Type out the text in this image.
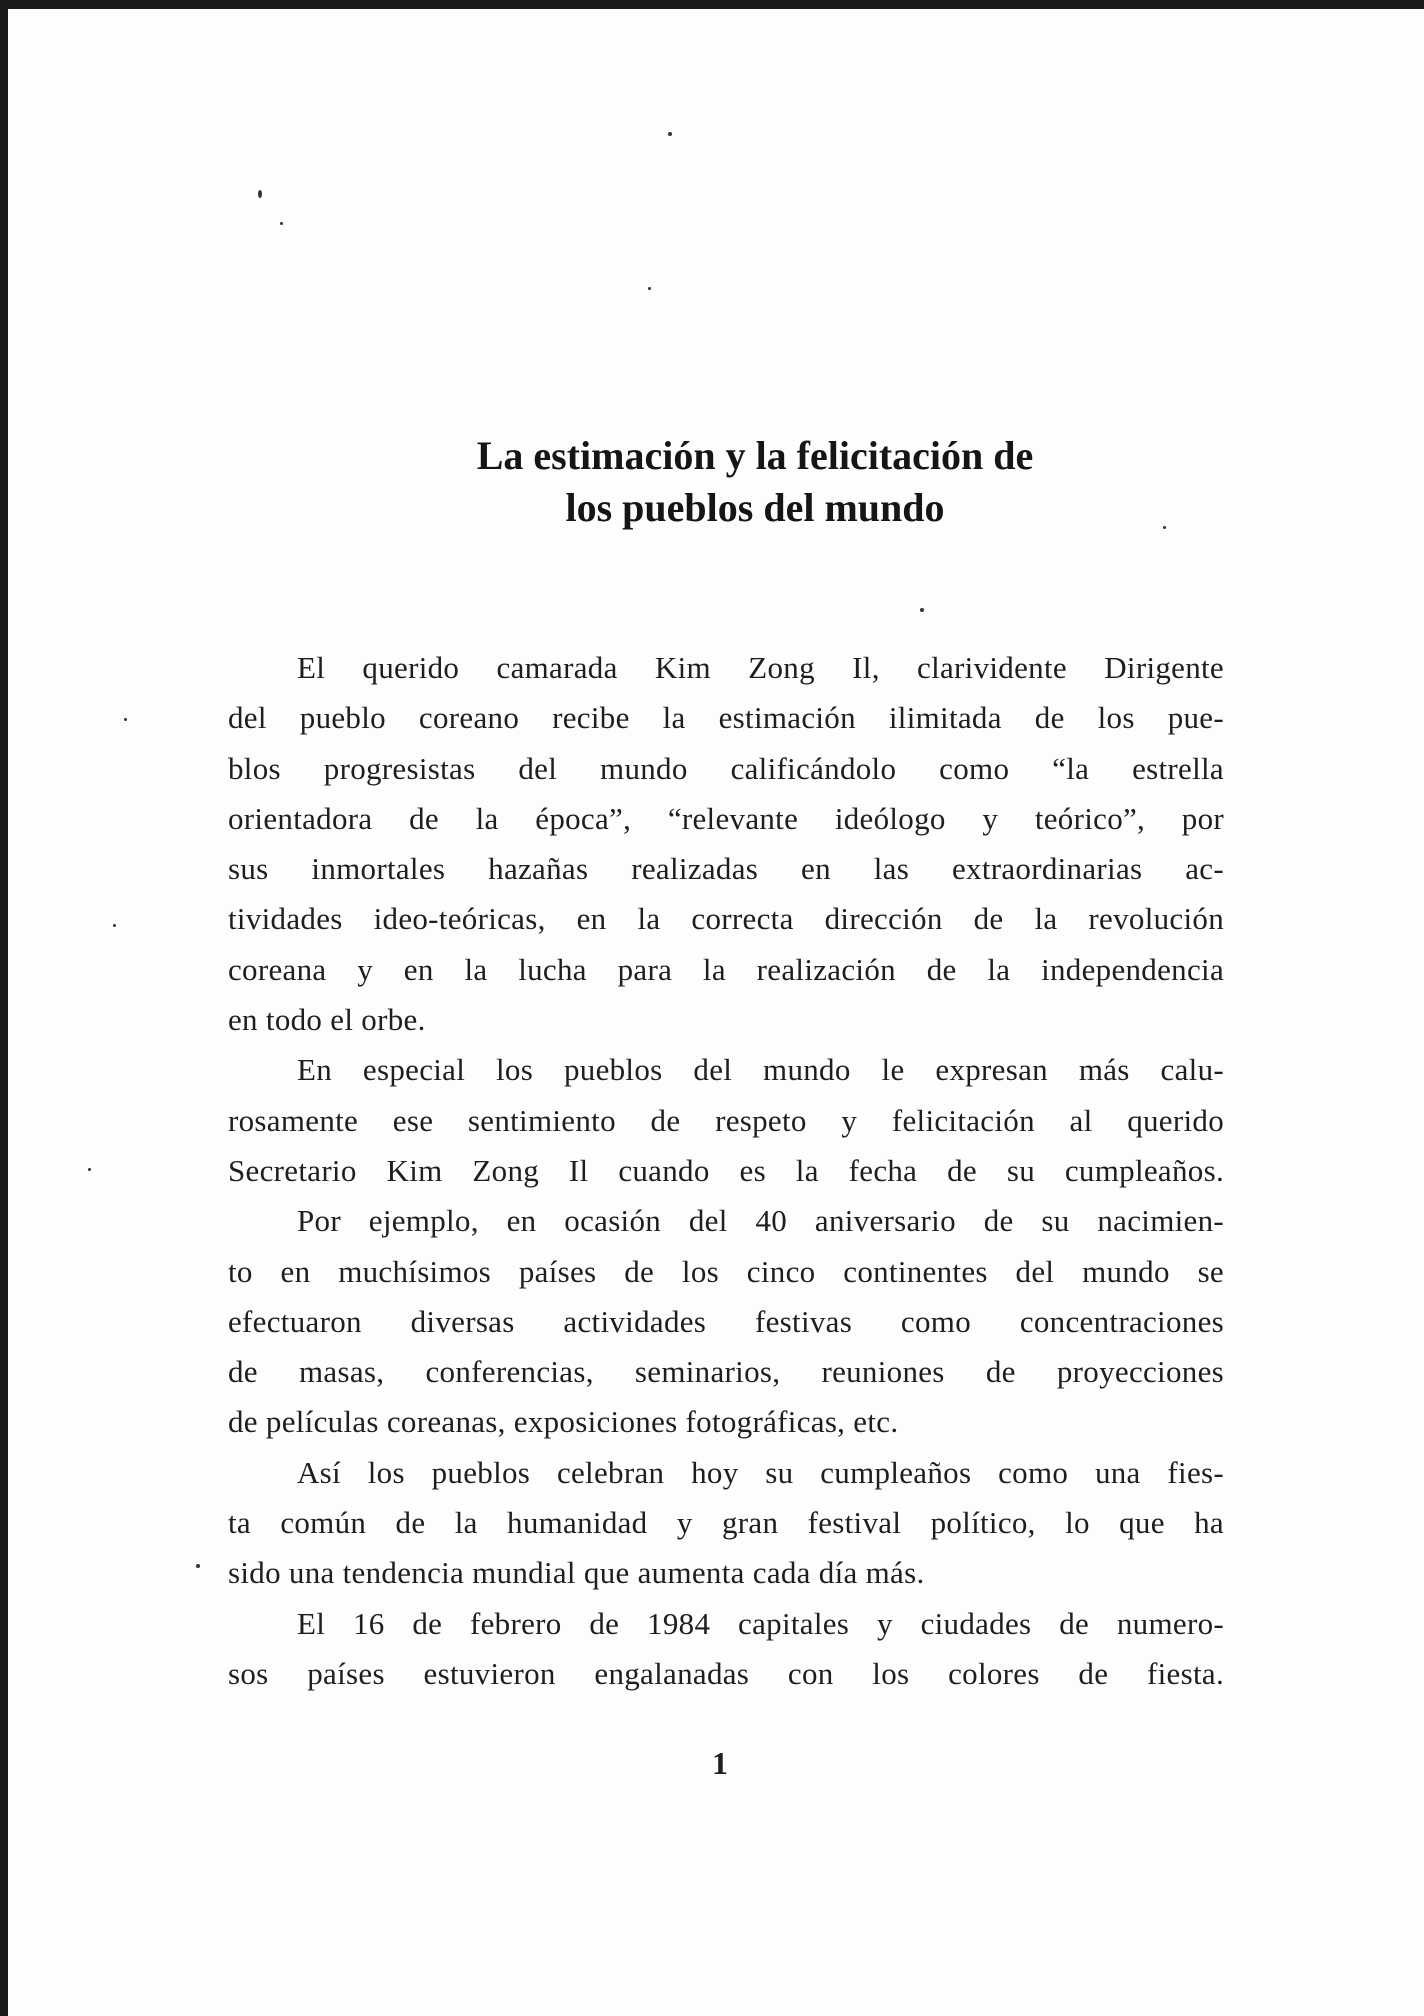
La estimación y la felicitación de
los pueblos del mundo
El querido camarada Kim Zong Il, clarividente Dirigente
del pueblo coreano recibe la estimación ilimitada de los pue-
blos progresistas del mundo calificándolo como “la estrella
orientadora de la época”, “relevante ideólogo y teórico”, por
sus inmortales hazañas realizadas en las extraordinarias ac-
tividades ideo-teóricas, en la correcta dirección de la revolución
coreana y en la lucha para la realización de la independencia
en todo el orbe.
En especial los pueblos del mundo le expresan más calu-
rosamente ese sentimiento de respeto y felicitación al querido
Secretario Kim Zong Il cuando es la fecha de su cumpleaños.
Por ejemplo, en ocasión del 40 aniversario de su nacimien-
to en muchísimos países de los cinco continentes del mundo se
efectuaron diversas actividades festivas como concentraciones
de masas, conferencias, seminarios, reuniones de proyecciones
de películas coreanas, exposiciones fotográficas, etc.
Así los pueblos celebran hoy su cumpleaños como una fies-
ta común de la humanidad y gran festival político, lo que ha
sido una tendencia mundial que aumenta cada día más.
El 16 de febrero de 1984 capitales y ciudades de numero-
sos países estuvieron engalanadas con los colores de fiesta.
1
